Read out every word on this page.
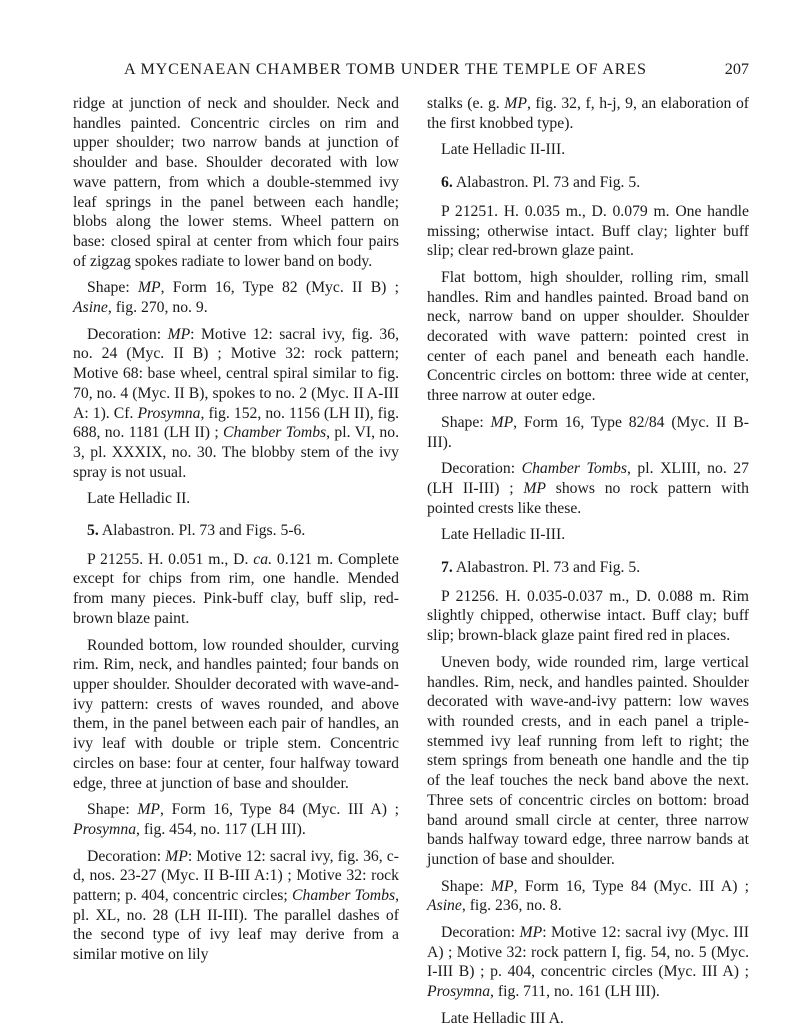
A MYCENAEAN CHAMBER TOMB UNDER THE TEMPLE OF ARES	207

ridge at junction of neck and shoulder. Neck and handles painted. Concentric circles on rim and upper shoulder; two narrow bands at junction of shoulder and base. Shoulder decorated with low wave pattern, from which a double-stemmed ivy leaf springs in the panel between each handle; blobs along the lower stems. Wheel pattern on base: closed spiral at center from which four pairs of zigzag spokes radiate to lower band on body.

Shape: MP, Form 16, Type 82 (Myc. II B) ; Asine, fig. 270, no. 9.

Decoration: MP: Motive 12: sacral ivy, fig. 36, no. 24 (Myc. II B) ; Motive 32: rock pattern; Motive 68: base wheel, central spiral similar to fig. 70, no. 4 (Myc. II B), spokes to no. 2 (Myc. II A-III A: 1). Cf. Prosymna, fig. 152, no. 1156 (LH II), fig. 688, no. 1181 (LH II) ; Chamber Tombs, pl. VI, no. 3, pl. XXXIX, no. 30. The blobby stem of the ivy spray is not usual.

Late Helladic II.

5. Alabastron. Pl. 73 and Figs. 5-6.

P 21255. H. 0.051 m., D. ca. 0.121 m. Complete except for chips from rim, one handle. Mended from many pieces. Pink-buff clay, buff slip, red-brown blaze paint.

Rounded bottom, low rounded shoulder, curving rim. Rim, neck, and handles painted; four bands on upper shoulder. Shoulder decorated with wave-and-ivy pattern: crests of waves rounded, and above them, in the panel between each pair of handles, an ivy leaf with double or triple stem. Concentric circles on base: four at center, four halfway toward edge, three at junction of base and shoulder.

Shape: MP, Form 16, Type 84 (Myc. III A) ; Prosymna, fig. 454, no. 117 (LH III).

Decoration: MP: Motive 12: sacral ivy, fig. 36, c-d, nos. 23-27 (Myc. II B-III A:1) ; Motive 32: rock pattern; p. 404, concentric circles; Chamber Tombs, pl. XL, no. 28 (LH II-III). The parallel dashes of the second type of ivy leaf may derive from a similar motive on lily

stalks (e. g. MP, fig. 32, f, h-j, 9, an elaboration of the first knobbed type).

Late Helladic II-III.

6. Alabastron. Pl. 73 and Fig. 5.

P 21251. H. 0.035 m., D. 0.079 m. One handle missing; otherwise intact. Buff clay; lighter buff slip; clear red-brown glaze paint.

Flat bottom, high shoulder, rolling rim, small handles. Rim and handles painted. Broad band on neck, narrow band on upper shoulder. Shoulder decorated with wave pattern: pointed crest in center of each panel and beneath each handle. Concentric circles on bottom: three wide at center, three narrow at outer edge.

Shape: MP, Form 16, Type 82/84 (Myc. II B-III).

Decoration: Chamber Tombs, pl. XLIII, no. 27 (LH II-III) ; MP shows no rock pattern with pointed crests like these.

Late Helladic II-III.

7. Alabastron. Pl. 73 and Fig. 5.

P 21256. H. 0.035-0.037 m., D. 0.088 m. Rim slightly chipped, otherwise intact. Buff clay; buff slip; brown-black glaze paint fired red in places.

Uneven body, wide rounded rim, large vertical handles. Rim, neck, and handles painted. Shoulder decorated with wave-and-ivy pattern: low waves with rounded crests, and in each panel a triple-stemmed ivy leaf running from left to right; the stem springs from beneath one handle and the tip of the leaf touches the neck band above the next. Three sets of concentric circles on bottom: broad band around small circle at center, three narrow bands halfway toward edge, three narrow bands at junction of base and shoulder.

Shape: MP, Form 16, Type 84 (Myc. III A) ; Asine, fig. 236, no. 8.

Decoration: MP: Motive 12: sacral ivy (Myc. III A) ; Motive 32: rock pattern I, fig. 54, no. 5 (Myc. I-III B) ; p. 404, concentric circles (Myc. III A) ; Prosymna, fig. 711, no. 161 (LH III).

Late Helladic III A.
